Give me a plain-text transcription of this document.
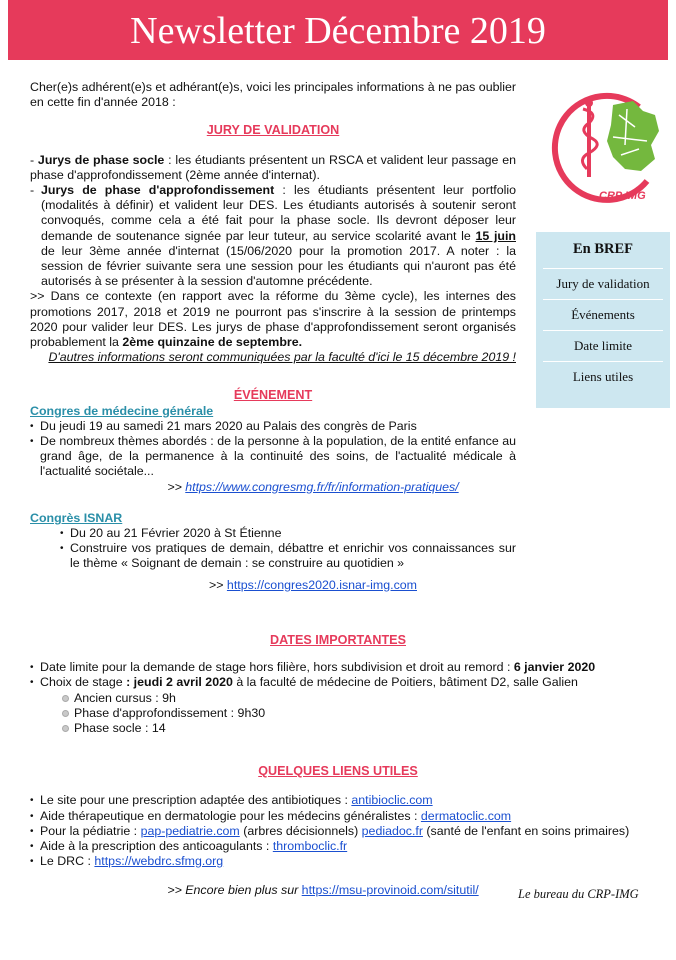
Newsletter Décembre 2019
CRP IMG
En BREF
Jury de validation
Événements
Date limite
Liens utiles

Cher(e)s adhérent(e)s et adhérant(e)s, voici les principales informations à ne pas oublier en cette fin d'année 2018 :

JURY DE VALIDATION

- Jurys de phase socle : les étudiants présentent un RSCA et valident leur passage en phase d'approfondissement (2ème année d'internat).

- Jurys de phase d'approfondissement : les étudiants présentent leur portfolio (modalités à définir) et valident leur DES. Les étudiants autorisés à soutenir seront convoqués, comme cela a été fait pour la phase socle. Ils devront déposer leur demande de soutenance signée par leur tuteur, au service scolarité avant le 15 juin de leur 3ème année d'internat (15/06/2020 pour la promotion 2017. A noter : la session de février suivante sera une session pour les étudiants qui n'auront pas été autorisés à se présenter à la session d'automne précédente.

>> Dans ce contexte (en rapport avec la réforme du 3ème cycle), les internes des promotions 2017, 2018 et 2019 ne pourront pas s'inscrire à la session de printemps 2020 pour valider leur DES. Les jurys de phase d'approfondissement seront organisés probablement la 2ème quinzaine de septembre.

D'autres informations seront communiquées par la faculté d'ici le 15 décembre 2019 !

ÉVÉNEMENT

Congres de médecine générale

• Du jeudi 19 au samedi 21 mars 2020 au Palais des congrès de Paris
• De nombreux thèmes abordés : de la personne à la population, de la entité enfance au grand âge, de la permanence à la continuité des soins, de l'actualité médicale à l'actualité sociétale...

>> https://www.congresmg.fr/fr/information-pratiques/

Congrès ISNAR

• Du 20 au 21 Février 2020 à St Étienne
• Construire vos pratiques de demain, débattre et enrichir vos connaissances sur le thème « Soignant de demain : se construire au quotidien »

>> https://congres2020.isnar-img.com

DATES IMPORTANTES

• Date limite pour la demande de stage hors filière, hors subdivision et droit au remord : 6 janvier 2020
• Choix de stage : jeudi 2 avril 2020 à la faculté de médecine de Poitiers, bâtiment D2, salle Galien
Ancien cursus : 9h
Phase d'approfondissement : 9h30
Phase socle : 14

QUELQUES LIENS UTILES

• Le site pour une prescription adaptée des antibiotiques : antibioclic.com
• Aide thérapeutique en dermatologie pour les médecins généralistes : dermatoclic.com
• Pour la pédiatrie : pap-pediatrie.com (arbres décisionnels) pediadoc.fr (santé de l'enfant en soins primaires)
• Aide à la prescription des anticoagulants : thromboclic.fr
• Le DRC : https://webdrc.sfmg.org

>> Encore bien plus sur https://msu-provinoid.com/situtil/	Le bureau du CRP-IMG
